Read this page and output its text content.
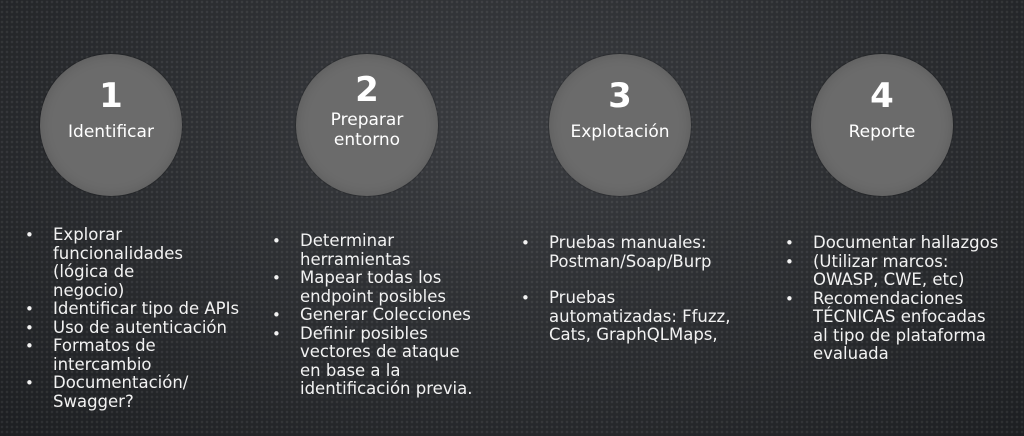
1
Identificar
2
Preparar
entorno
3
Explotación
4
Reporte
• Explorar funcionalidades (lógica de negocio)
• Identificar tipo de APIs
• Uso de autenticación
• Formatos de intercambio
• Documentación/ Swagger?
• Determinar herramientas
• Mapear todas los endpoint posibles
• Generar Colecciones
• Definir posibles vectores de ataque en base a la identificación previa.
• Pruebas manuales: Postman/Soap/Burp
• Pruebas automatizadas: Ffuzz, Cats, GraphQLMaps,
• Documentar hallazgos
• (Utilizar marcos: OWASP, CWE, etc)
• Recomendaciones TÉCNICAS enfocadas al tipo de plataforma evaluada
